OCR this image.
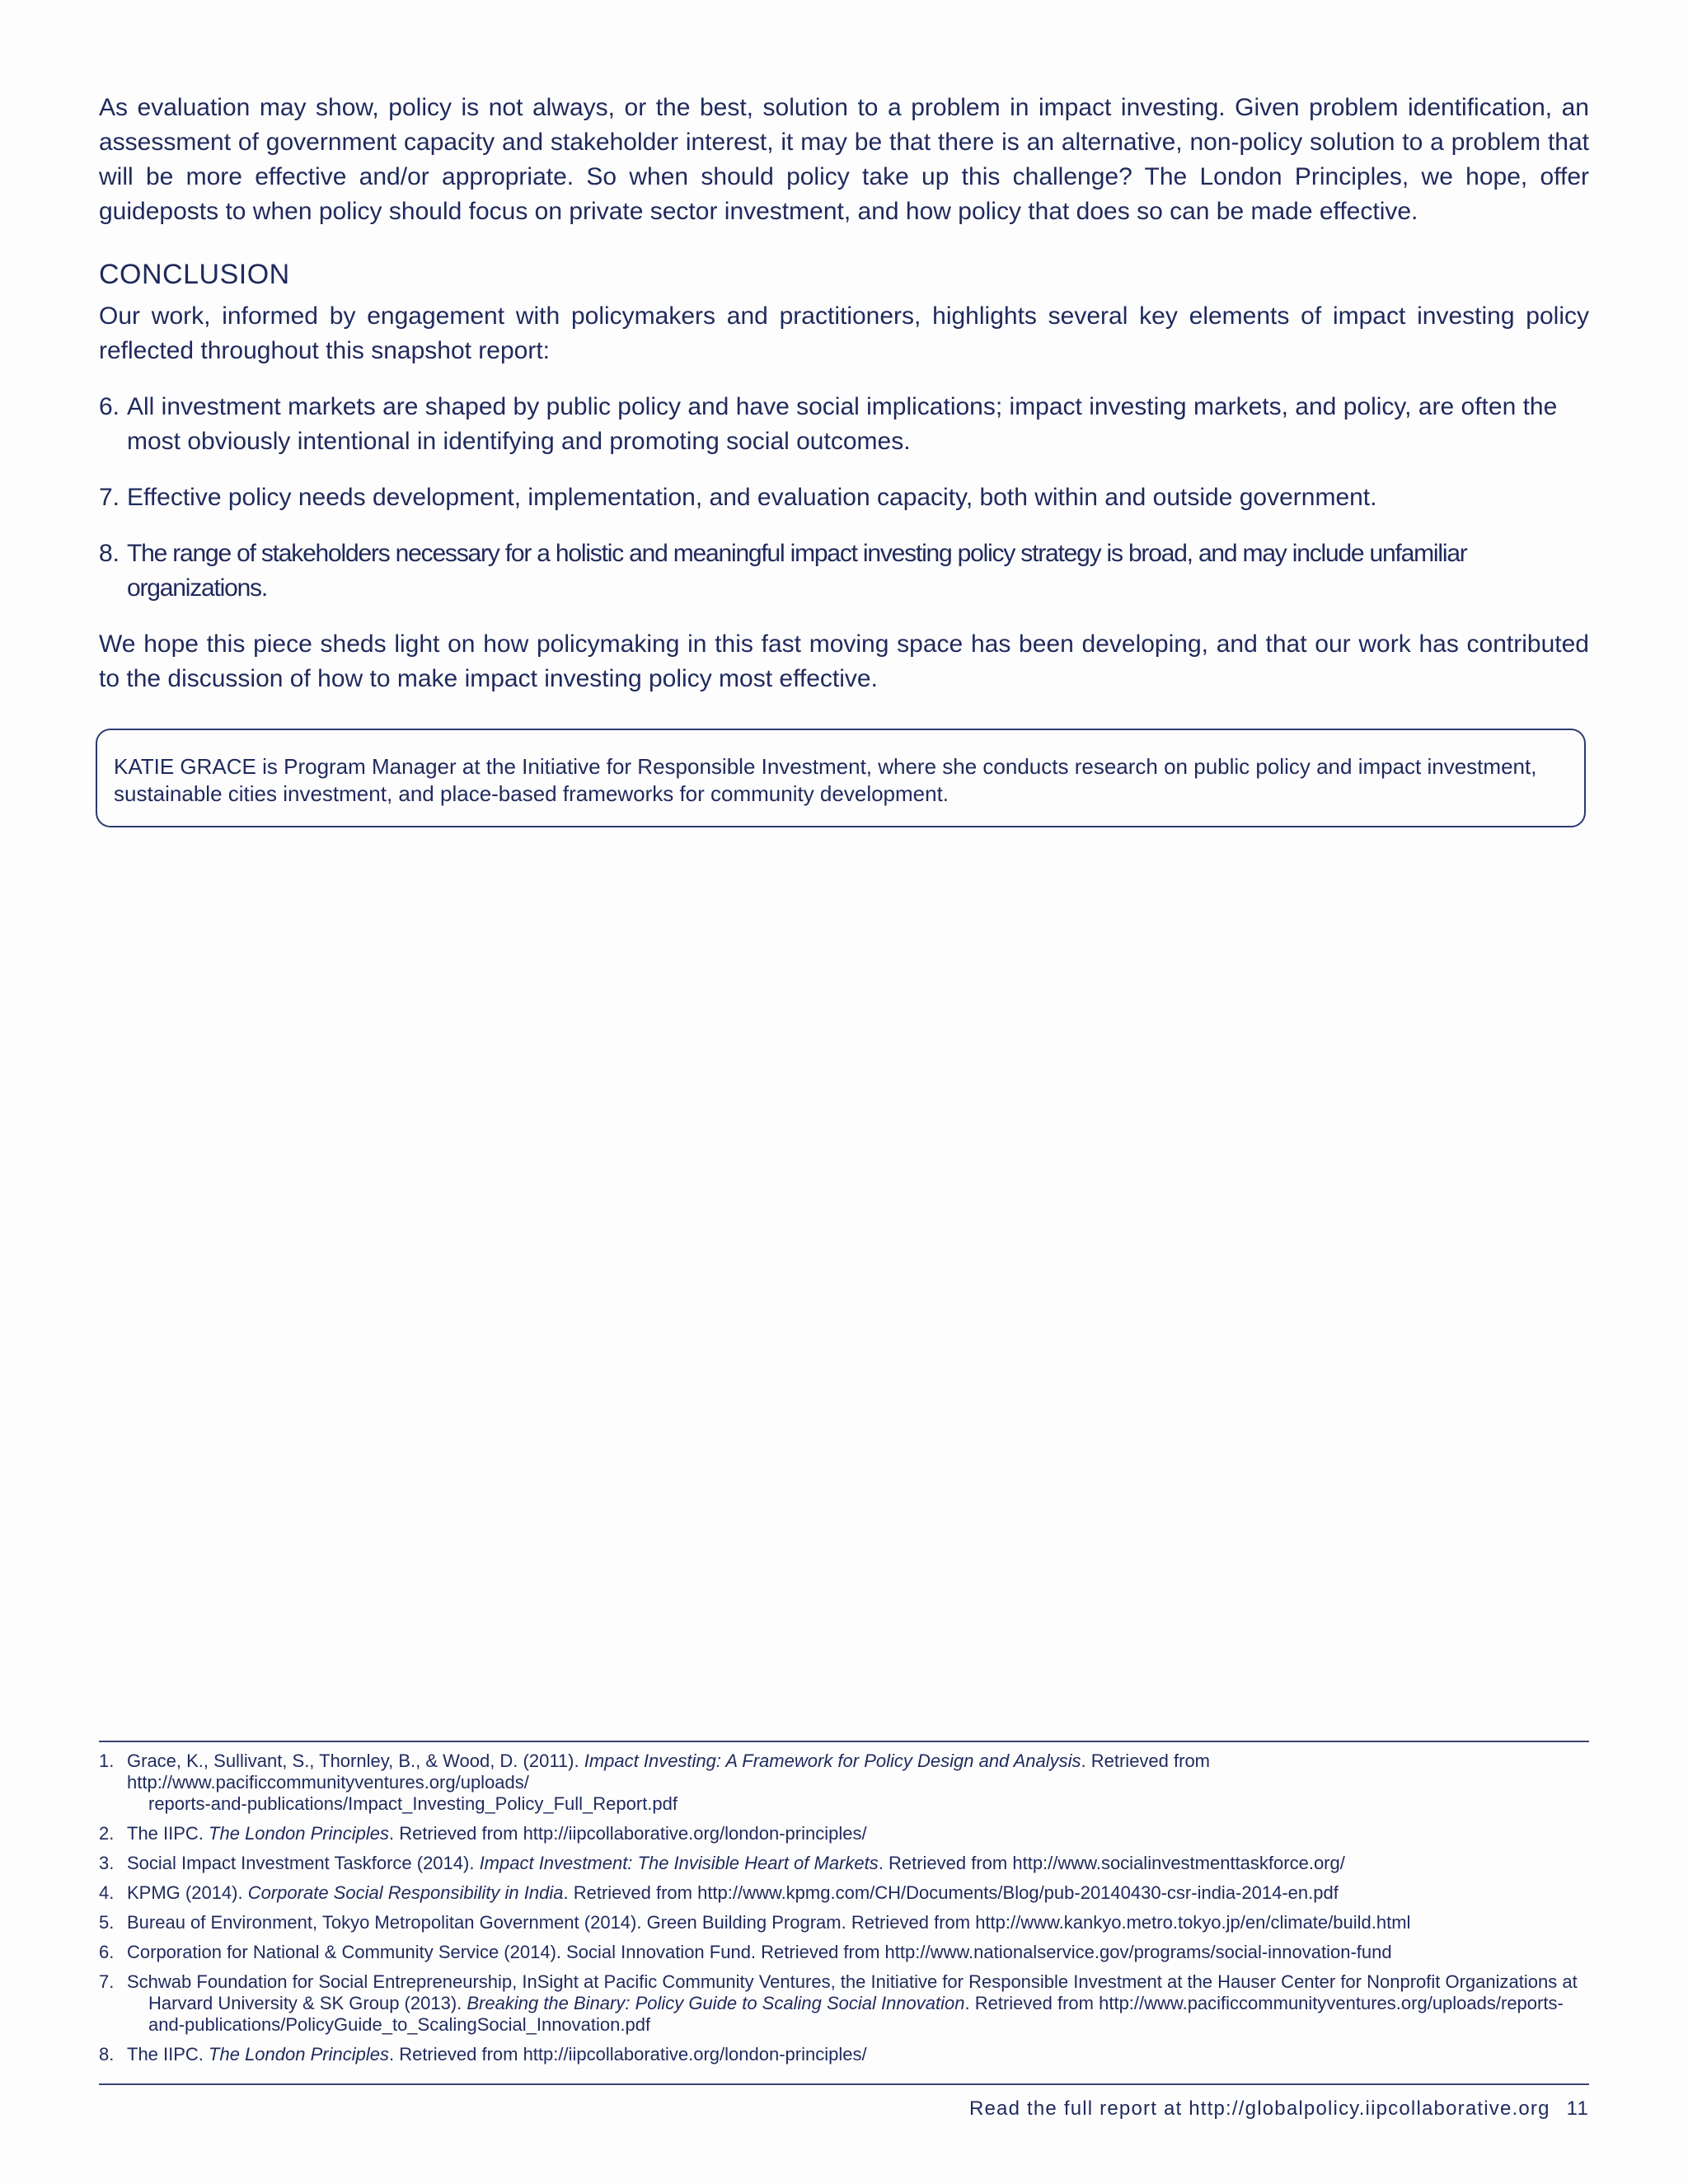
As evaluation may show, policy is not always, or the best, solution to a problem in impact investing. Given problem identification, an assessment of government capacity and stakeholder interest, it may be that there is an alternative, non-policy solution to a problem that will be more effective and/or appropriate. So when should policy take up this challenge? The London Principles, we hope, offer guideposts to when policy should focus on private sector investment, and how policy that does so can be made effective.

CONCLUSION

Our work, informed by engagement with policymakers and practitioners, highlights several key elements of impact investing policy reflected throughout this snapshot report:

6. All investment markets are shaped by public policy and have social implications; impact investing markets, and policy, are often the most obviously intentional in identifying and promoting social outcomes.
7. Effective policy needs development, implementation, and evaluation capacity, both within and outside government.
8. The range of stakeholders necessary for a holistic and meaningful impact investing policy strategy is broad, and may include unfamiliar organizations.

We hope this piece sheds light on how policymaking in this fast moving space has been developing, and that our work has contributed to the discussion of how to make impact investing policy most effective.

KATIE GRACE is Program Manager at the Initiative for Responsible Investment, where she conducts research on public policy and impact investment, sustainable cities investment, and place-based frameworks for community development.

1. Grace, K., Sullivant, S., Thornley, B., & Wood, D. (2011). Impact Investing: A Framework for Policy Design and Analysis. Retrieved from http://www.pacificcommunityventures.org/uploads/
reports-and-publications/Impact_Investing_Policy_Full_Report.pdf
2. The IIPC. The London Principles. Retrieved from http://iipcollaborative.org/london-principles/
3. Social Impact Investment Taskforce (2014). Impact Investment: The Invisible Heart of Markets. Retrieved from http://www.socialinvestmenttaskforce.org/
4. KPMG (2014). Corporate Social Responsibility in India. Retrieved from http://www.kpmg.com/CH/Documents/Blog/pub-20140430-csr-india-2014-en.pdf
5. Bureau of Environment, Tokyo Metropolitan Government (2014). Green Building Program. Retrieved from http://www.kankyo.metro.tokyo.jp/en/climate/build.html
6. Corporation for National & Community Service (2014). Social Innovation Fund. Retrieved from http://www.nationalservice.gov/programs/social-innovation-fund
7. Schwab Foundation for Social Entrepreneurship, InSight at Pacific Community Ventures, the Initiative for Responsible Investment at the Hauser Center for Nonprofit Organizations at
Harvard University & SK Group (2013). Breaking the Binary: Policy Guide to Scaling Social Innovation. Retrieved from http://www.pacificcommunityventures.org/uploads/reports-and-publications/PolicyGuide_to_ScalingSocial_Innovation.pdf
8. The IIPC. The London Principles. Retrieved from http://iipcollaborative.org/london-principles/
Read the full report at http://globalpolicy.iipcollaborative.org 11
